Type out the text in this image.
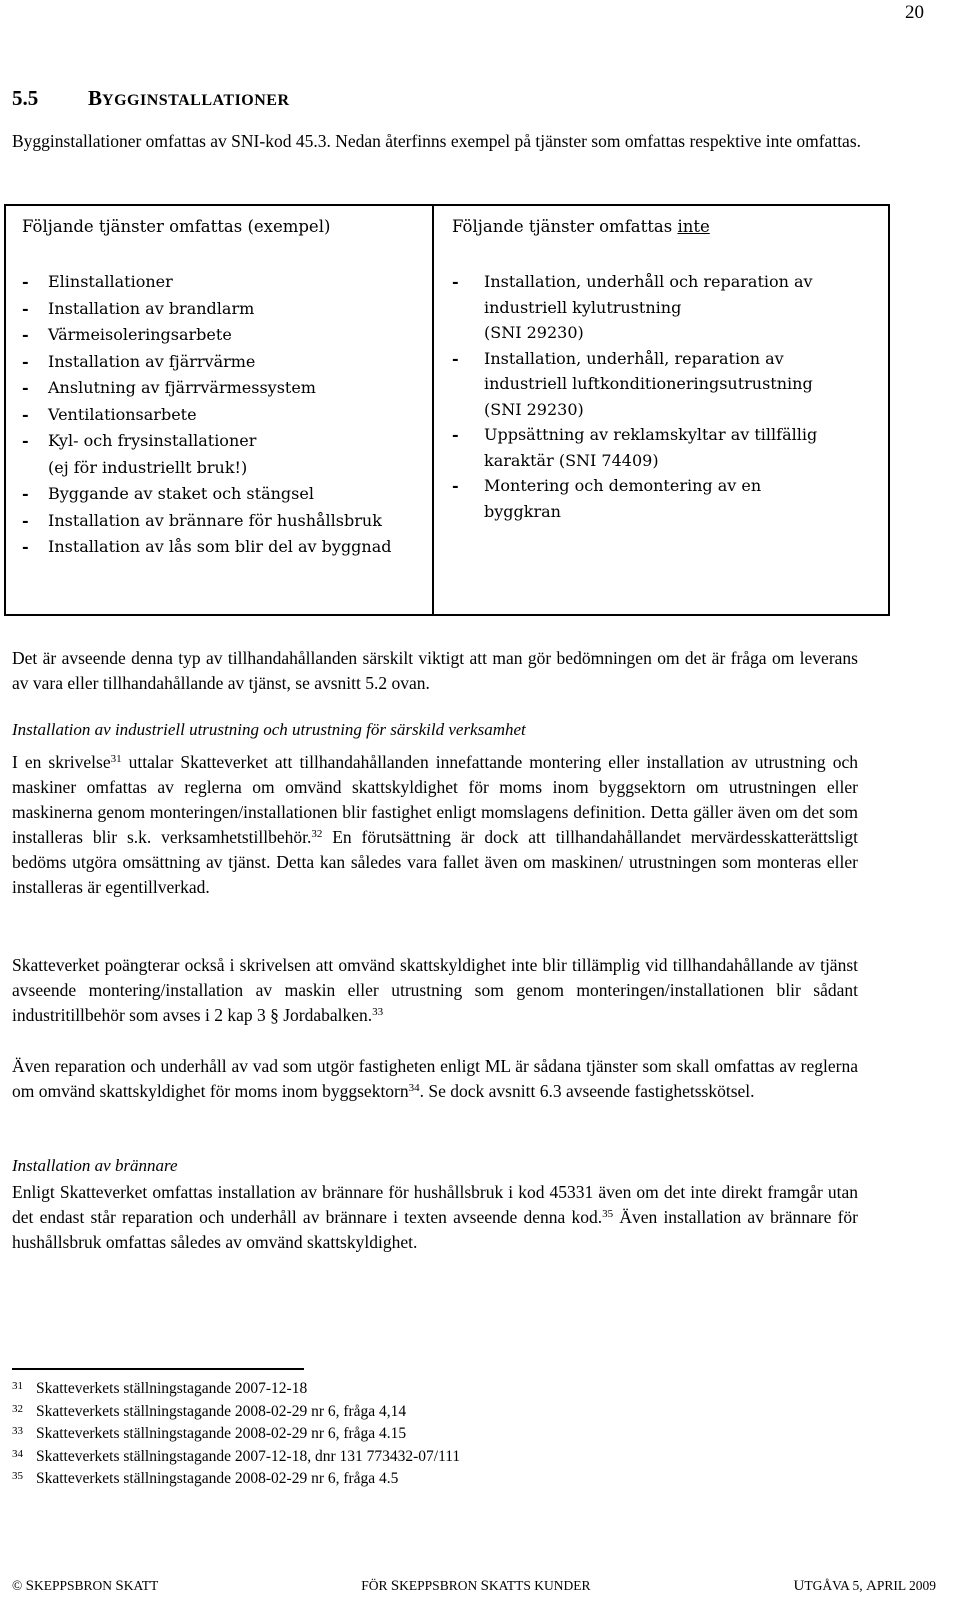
20
5.5 BYGGINSTALLATIONER

Bygginstallationer omfattas av SNI-kod 45.3. Nedan återfinns exempel på tjänster som omfattas respektive inte omfattas.

Följande tjänster omfattas (exempel)
-	Elinstallationer
-	Installation av brandlarm
-	Värmeisoleringsarbete
-	Installation av fjärrvärme
-	Anslutning av fjärrvärmessystem
-	Ventilationsarbete
-	Kyl- och frysinstallationer
(ej för industriellt bruk!)
-	Byggande av staket och stängsel
-	Installation av brännare för hushållsbruk
-	Installation av lås som blir del av byggnad
Följande tjänster omfattas inte
-	Installation, underhåll och reparation av
industriell kylutrustning
(SNI 29230)
-	Installation, underhåll, reparation av
industriell luftkonditioneringsutrustning
(SNI 29230)
-	Uppsättning av reklamskyltar av tillfällig
karaktär (SNI 74409)
-	Montering och demontering av en
byggkran

Det är avseende denna typ av tillhandahållanden särskilt viktigt att man gör bedömningen om det är fråga om leverans av vara eller tillhandahållande av tjänst, se avsnitt 5.2 ovan.

Installation av industriell utrustning och utrustning för särskild verksamhet

I en skrivelse$^{31}$ uttalar Skatteverket att tillhandahållanden innefattande montering eller installation av utrustning och maskiner omfattas av reglerna om omvänd skattskyldighet för moms inom byggsektorn om utrustningen eller maskinerna genom monteringen/installationen blir fastighet enligt momslagens definition. Detta gäller även om det som installeras blir s.k. verksamhetstillbehör.$^{32}$ En förutsättning är dock att tillhandahållandet mervärdesskatterättsligt bedöms utgöra omsättning av tjänst. Detta kan således vara fallet även om maskinen/ utrustningen som monteras eller installeras är egentillverkad.

Skatteverket poängterar också i skrivelsen att omvänd skattskyldighet inte blir tillämplig vid tillhandahållande av tjänst avseende montering/installation av maskin eller utrustning som genom monteringen/installationen blir sådant industritillbehör som avses i 2 kap 3 § Jordabalken.$^{33}$

Även reparation och underhåll av vad som utgör fastigheten enligt ML är sådana tjänster som skall omfattas av reglerna om omvänd skattskyldighet för moms inom byggsektorn$^{34}$. Se dock avsnitt 6.3 avseende fastighetsskötsel.

Installation av brännare

Enligt Skatteverket omfattas installation av brännare för hushållsbruk i kod 45331 även om det inte direkt framgår utan det endast står reparation och underhåll av brännare i texten avseende denna kod.$^{35}$ Även installation av brännare för hushållsbruk omfattas således av omvänd skattskyldighet.

31 Skatteverkets ställningstagande 2007-12-18
32 Skatteverkets ställningstagande 2008-02-29 nr 6, fråga 4,14
33 Skatteverkets ställningstagande 2008-02-29 nr 6, fråga 4.15
34 Skatteverkets ställningstagande 2007-12-18, dnr 131 773432-07/111
35 Skatteverkets ställningstagande 2008-02-29 nr 6, fråga 4.5
© SKEPPSBRON SKATT	FÖR SKEPPSBRON SKATTS KUNDER	UTGÅVA 5, APRIL 2009
